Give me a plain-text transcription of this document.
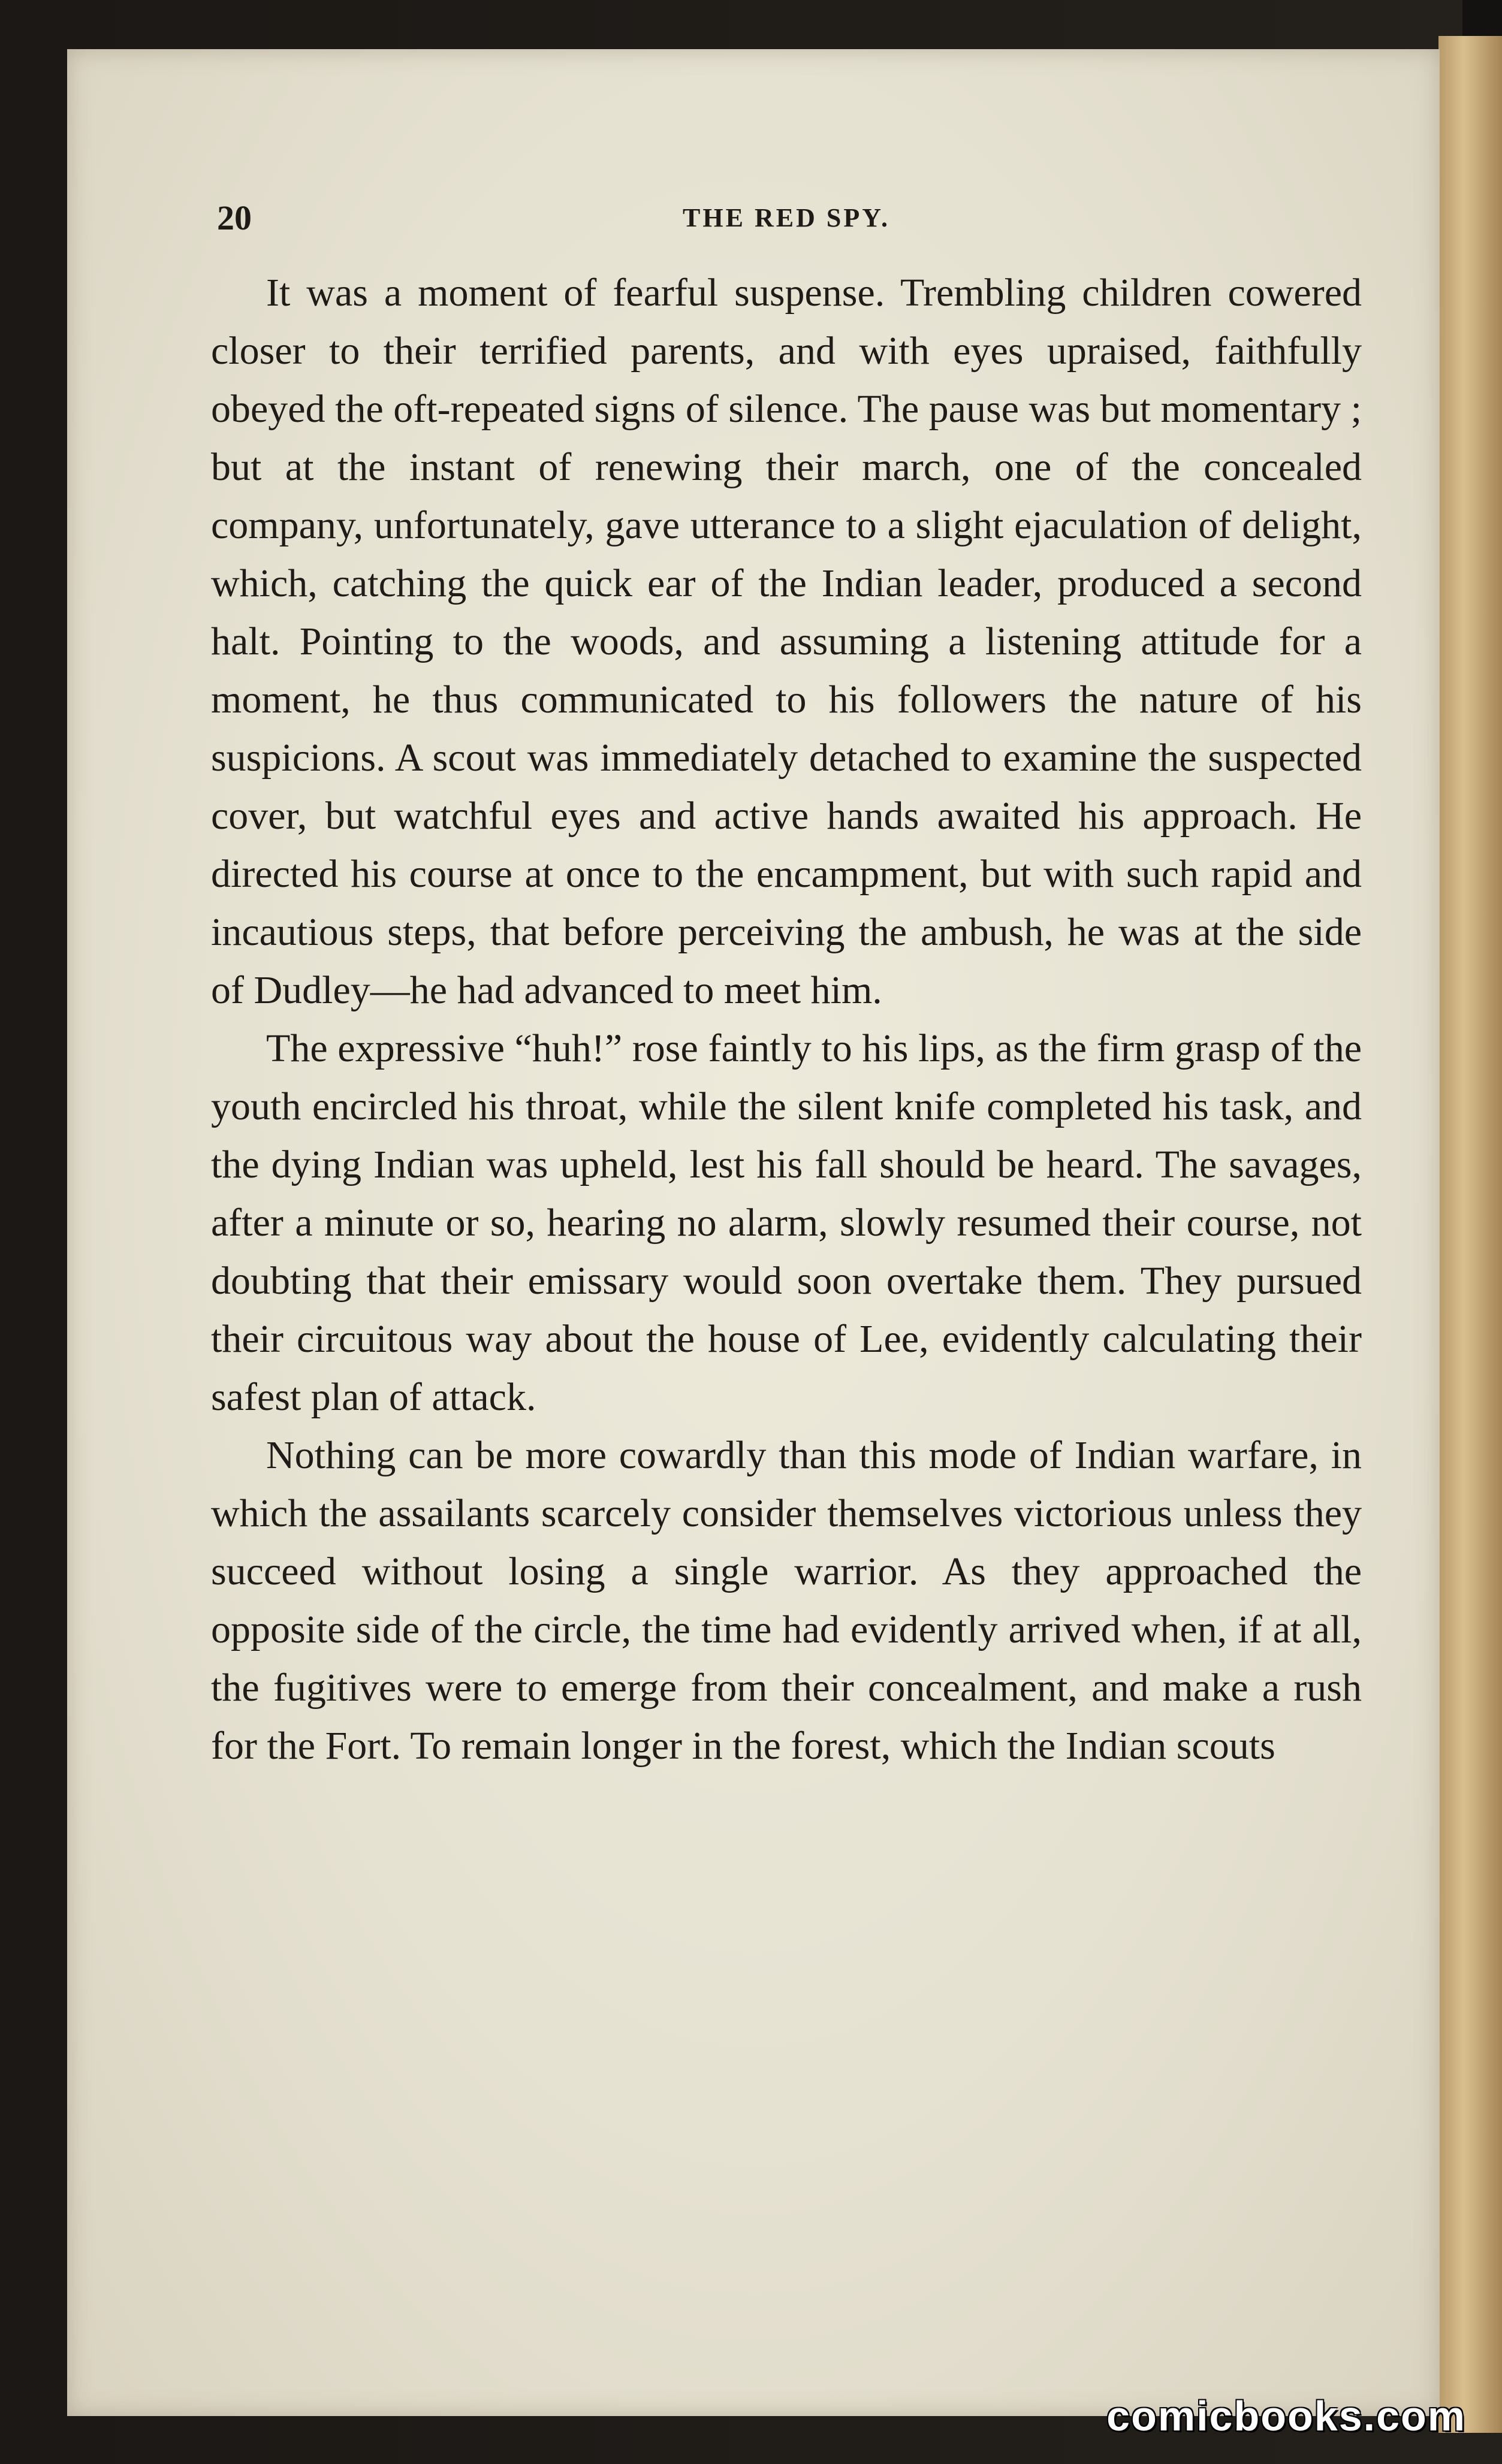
20	THE RED SPY.

It was a moment of fearful suspense. Trembling children cowered closer to their terrified parents, and with eyes upraised, faithfully obeyed the oft-repeated signs of silence. The pause was but momentary ; but at the instant of renewing their march, one of the concealed company, unfortunately, gave utterance to a slight ejaculation of delight, which, catching the quick ear of the Indian leader, produced a second halt. Pointing to the woods, and assuming a listening attitude for a moment, he thus communicated to his followers the nature of his suspicions. A scout was immediately detached to examine the suspected cover, but watchful eyes and active hands awaited his approach. He directed his course at once to the encampment, but with such rapid and incautious steps, that before perceiving the ambush, he was at the side of Dudley—he had advanced to meet him.

The expressive “huh!” rose faintly to his lips, as the firm grasp of the youth encircled his throat, while the silent knife completed his task, and the dying Indian was upheld, lest his fall should be heard. The savages, after a minute or so, hearing no alarm, slowly resumed their course, not doubting that their emissary would soon overtake them. They pursued their circuitous way about the house of Lee, evidently calculating their safest plan of attack.

Nothing can be more cowardly than this mode of Indian warfare, in which the assailants scarcely consider themselves victorious unless they succeed without losing a single warrior. As they approached the opposite side of the circle, the time had evidently arrived when, if at all, the fugitives were to emerge from their concealment, and make a rush for the Fort. To remain longer in the forest, which the Indian scouts

comicbooks.com
